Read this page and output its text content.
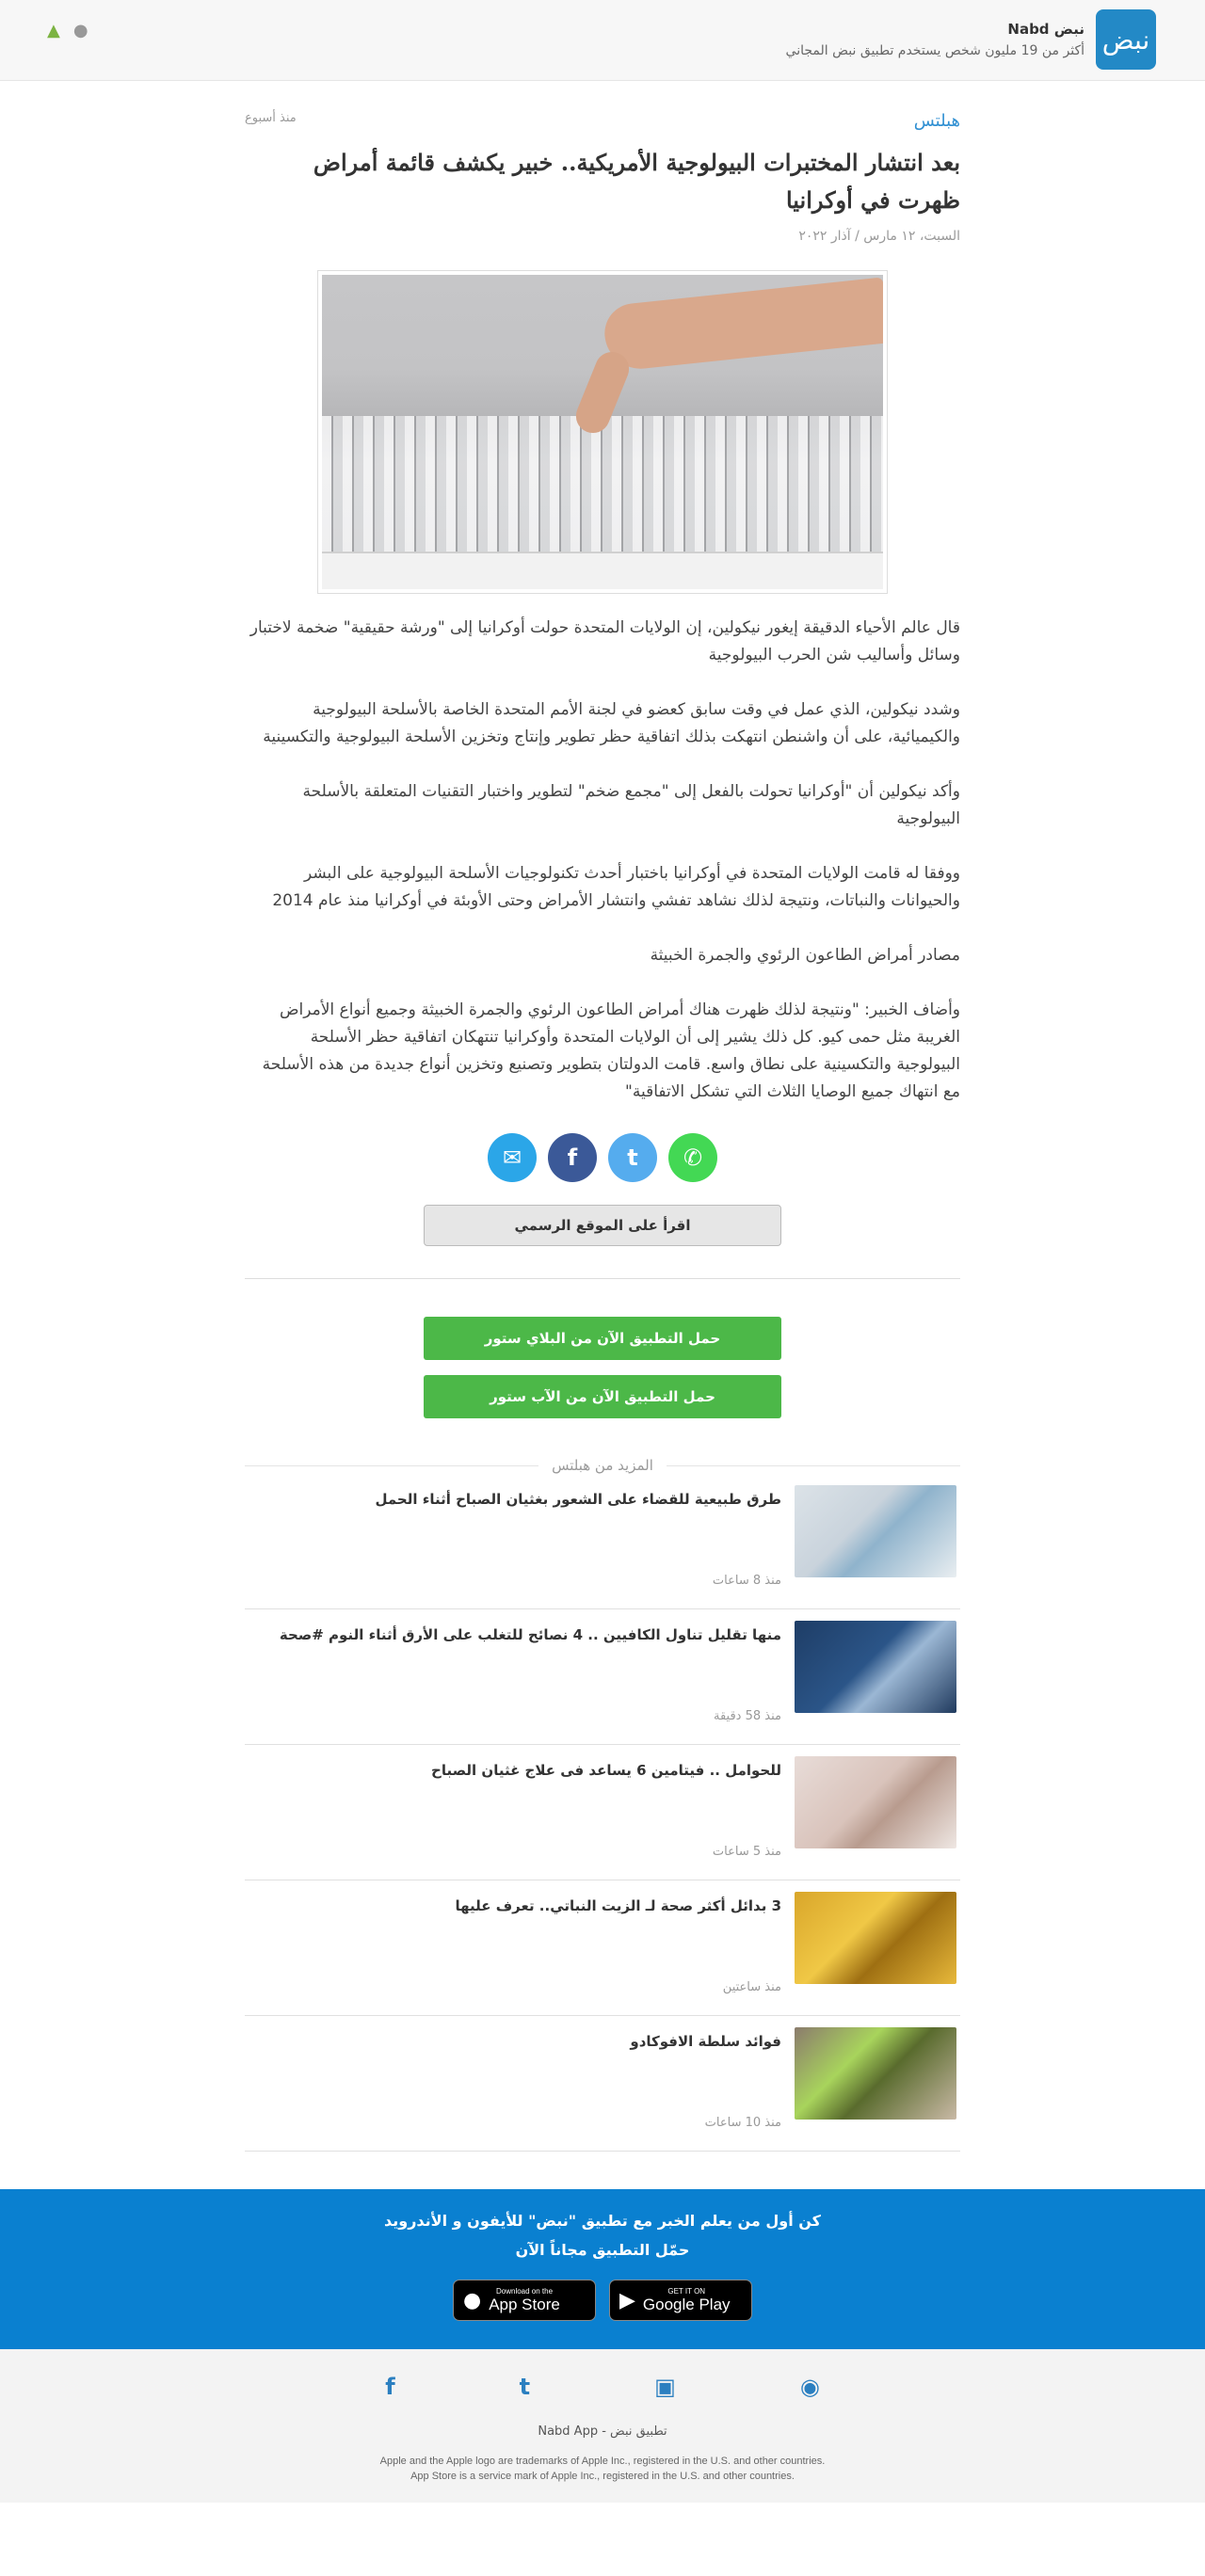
نبض
نبض Nabd
أكثر من 19 مليون شخص يستخدم تطبيق نبض المجاني
▲ ●
هبلتس
منذ أسبوع
بعد انتشار المختبرات البيولوجية الأمريكية.. خبير يكشف قائمة أمراض ظهرت في أوكرانيا
السبت، ١٢ مارس / آذار ٢٠٢٢

قال عالم الأحياء الدقيقة إيغور نيكولين، إن الولايات المتحدة حولت أوكرانيا إلى "ورشة حقيقية" ضخمة لاختبار وسائل وأساليب شن الحرب البيولوجية

وشدد نيكولين، الذي عمل في وقت سابق كعضو في لجنة الأمم المتحدة الخاصة بالأسلحة البيولوجية والكيميائية، على أن واشنطن انتهكت بذلك اتفاقية حظر تطوير وإنتاج وتخزين الأسلحة البيولوجية والتكسينية

وأكد نيكولين أن "أوكرانيا تحولت بالفعل إلى "مجمع ضخم" لتطوير واختبار التقنيات المتعلقة بالأسلحة البيولوجية

ووفقا له قامت الولايات المتحدة في أوكرانيا باختبار أحدث تكنولوجيات الأسلحة البيولوجية على البشر والحيوانات والنباتات، ونتيجة لذلك نشاهد تفشي وانتشار الأمراض وحتى الأوبئة في أوكرانيا منذ عام 2014

مصادر أمراض الطاعون الرئوي والجمرة الخبيثة

وأضاف الخبير: "ونتيجة لذلك ظهرت هناك أمراض الطاعون الرئوي والجمرة الخبيثة وجميع أنواع الأمراض الغريبة مثل حمى كيو. كل ذلك يشير إلى أن الولايات المتحدة وأوكرانيا تنتهكان اتفاقية حظر الأسلحة البيولوجية والتكسينية على نطاق واسع. قامت الدولتان بتطوير وتصنيع وتخزين أنواع جديدة من هذه الأسلحة مع انتهاك جميع الوصايا الثلاث التي تشكل الاتفاقية"

✉	f	t	✆
اقرأ على الموقع الرسمي
حمل التطبيق الآن من البلاي ستور
حمل التطبيق الآن من الآب ستور
المزيد من هبلتس
طرق طبيعية للقضاء على الشعور بغثيان الصباح أثناء الحمل
منذ 8 ساعات
منها تقليل تناول الكافيين .. 4 نصائح للتغلب على الأرق أثناء النوم #صحة
منذ 58 دقيقة
للحوامل .. فيتامين 6 يساعد فى علاج غثيان الصباح
منذ 5 ساعات
3 بدائل أكثر صحة لـ الزيت النباتي.. تعرف عليها
منذ ساعتين
فوائد سلطة الافوكادو
منذ 10 ساعات
كن أول من يعلم الخبر مع تطبيق "نبض" للأيفون و الأندرويد
حمّل التطبيق مجاناً الآن
●	Download on the
App Store	▶	GET IT ON
Google Play
f	t	▣	◉
تطبيق نبض - Nabd App
Apple and the Apple logo are trademarks of Apple Inc., registered in the U.S. and other countries.
App Store is a service mark of Apple Inc., registered in the U.S. and other countries.
